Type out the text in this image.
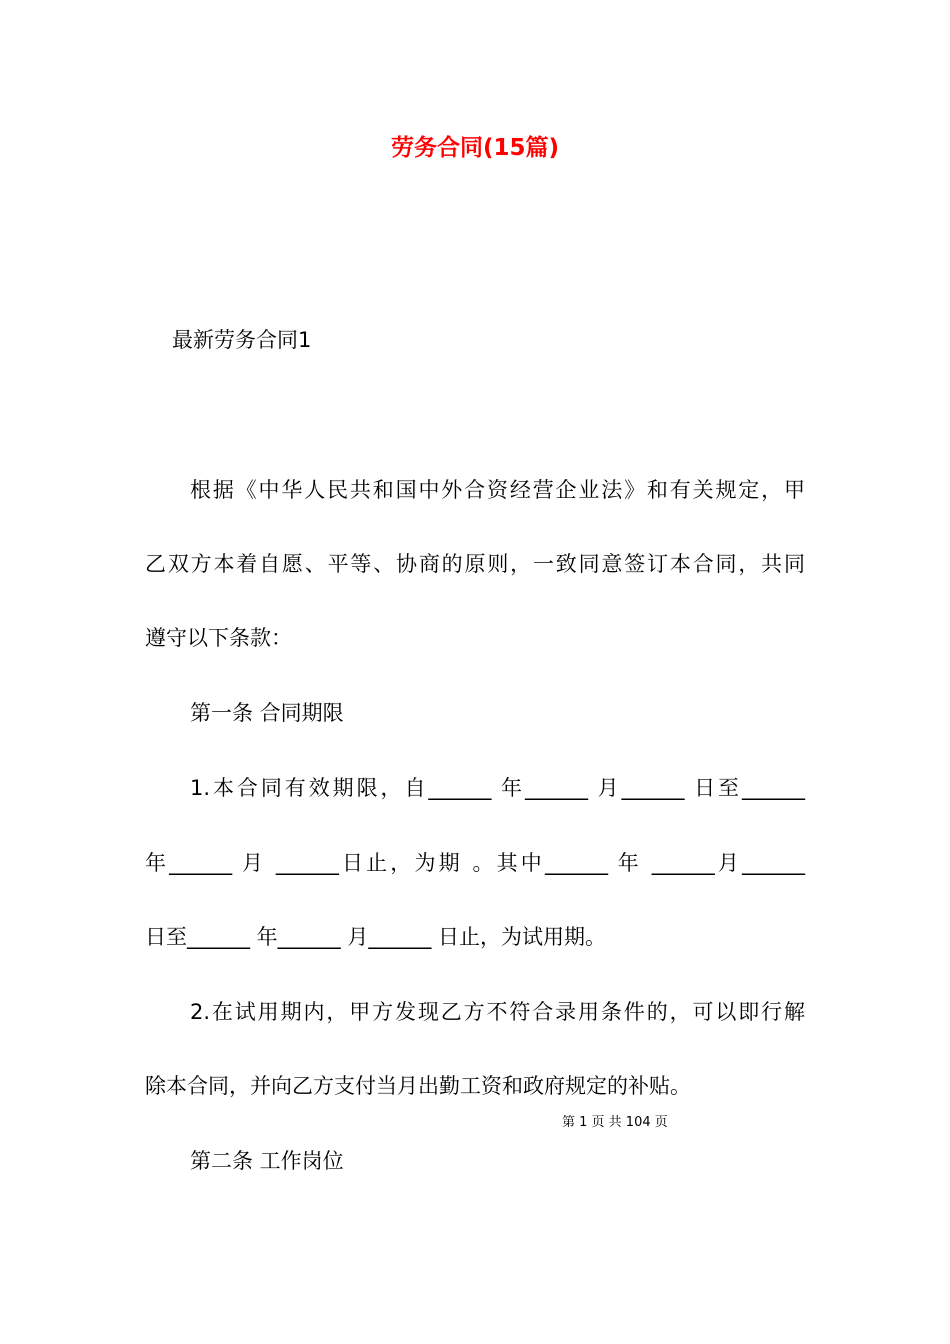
劳务合同(15篇)
最新劳务合同1
根据《中华人民共和国中外合资经营企业法》和有关规定，甲
乙双方本着自愿、平等、协商的原则，一致同意签订本合同，共同
遵守以下条款：
第一条 合同期限
1.本合同有效期限，自______ 年______ 月______ 日至______
年______ 月 ______日止，为期 。其中______ 年 ______月______
日至______ 年______ 月______ 日止，为试用期。
2.在试用期内，甲方发现乙方不符合录用条件的，可以即行解
除本合同，并向乙方支付当月出勤工资和政府规定的补贴。
第 1 页 共 104 页
第二条 工作岗位
